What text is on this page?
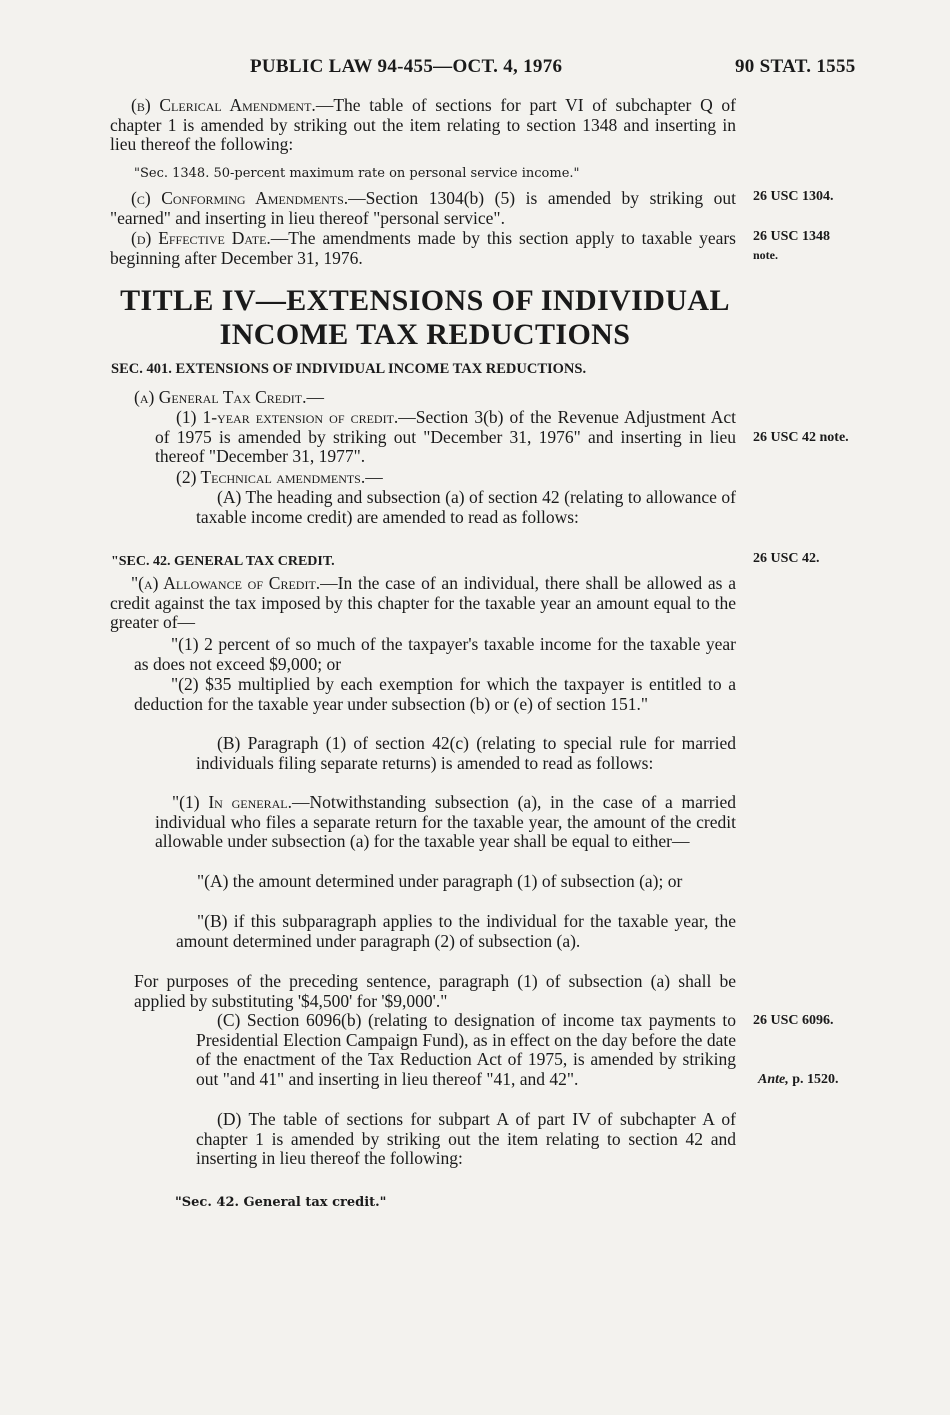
PUBLIC LAW 94-455—OCT. 4, 1976	90 STAT. 1555
(b) Clerical Amendment.—The table of sections for part VI of subchapter Q of chapter 1 is amended by striking out the item relating to section 1348 and inserting in lieu thereof the following:
"Sec. 1348. 50-percent maximum rate on personal service income."
(c) Conforming Amendments.—Section 1304(b) (5) is amended by striking out "earned" and inserting in lieu thereof "personal service".
(d) Effective Date.—The amendments made by this section apply to taxable years beginning after December 31, 1976.
TITLE IV—EXTENSIONS OF INDIVIDUAL
INCOME TAX REDUCTIONS
SEC. 401. EXTENSIONS OF INDIVIDUAL INCOME TAX REDUCTIONS.
(a) General Tax Credit.—
(1) 1-year extension of credit.—Section 3(b) of the Revenue Adjustment Act of 1975 is amended by striking out "December 31, 1976" and inserting in lieu thereof "December 31, 1977".
(2) Technical amendments.—
(A) The heading and subsection (a) of section 42 (relating to allowance of taxable income credit) are amended to read as follows:
"SEC. 42. GENERAL TAX CREDIT.
"(a) Allowance of Credit.—In the case of an individual, there shall be allowed as a credit against the tax imposed by this chapter for the taxable year an amount equal to the greater of—
"(1) 2 percent of so much of the taxpayer's taxable income for the taxable year as does not exceed $9,000; or
"(2) $35 multiplied by each exemption for which the taxpayer is entitled to a deduction for the taxable year under subsection (b) or (e) of section 151."
(B) Paragraph (1) of section 42(c) (relating to special rule for married individuals filing separate returns) is amended to read as follows:
"(1) In general.—Notwithstanding subsection (a), in the case of a married individual who files a separate return for the taxable year, the amount of the credit allowable under subsection (a) for the taxable year shall be equal to either—
"(A) the amount determined under paragraph (1) of subsection (a); or
"(B) if this subparagraph applies to the individual for the taxable year, the amount determined under paragraph (2) of subsection (a).
For purposes of the preceding sentence, paragraph (1) of subsection (a) shall be applied by substituting '$4,500' for '$9,000'."
(C) Section 6096(b) (relating to designation of income tax payments to Presidential Election Campaign Fund), as in effect on the day before the date of the enactment of the Tax Reduction Act of 1975, is amended by striking out "and 41" and inserting in lieu thereof "41, and 42".
(D) The table of sections for subpart A of part IV of subchapter A of chapter 1 is amended by striking out the item relating to section 42 and inserting in lieu thereof the following:
"Sec. 42. General tax credit."
26 USC 1304.
26 USC 1348
note.
26 USC 42 note.
26 USC 42.
26 USC 6096.
Ante, p. 1520.
